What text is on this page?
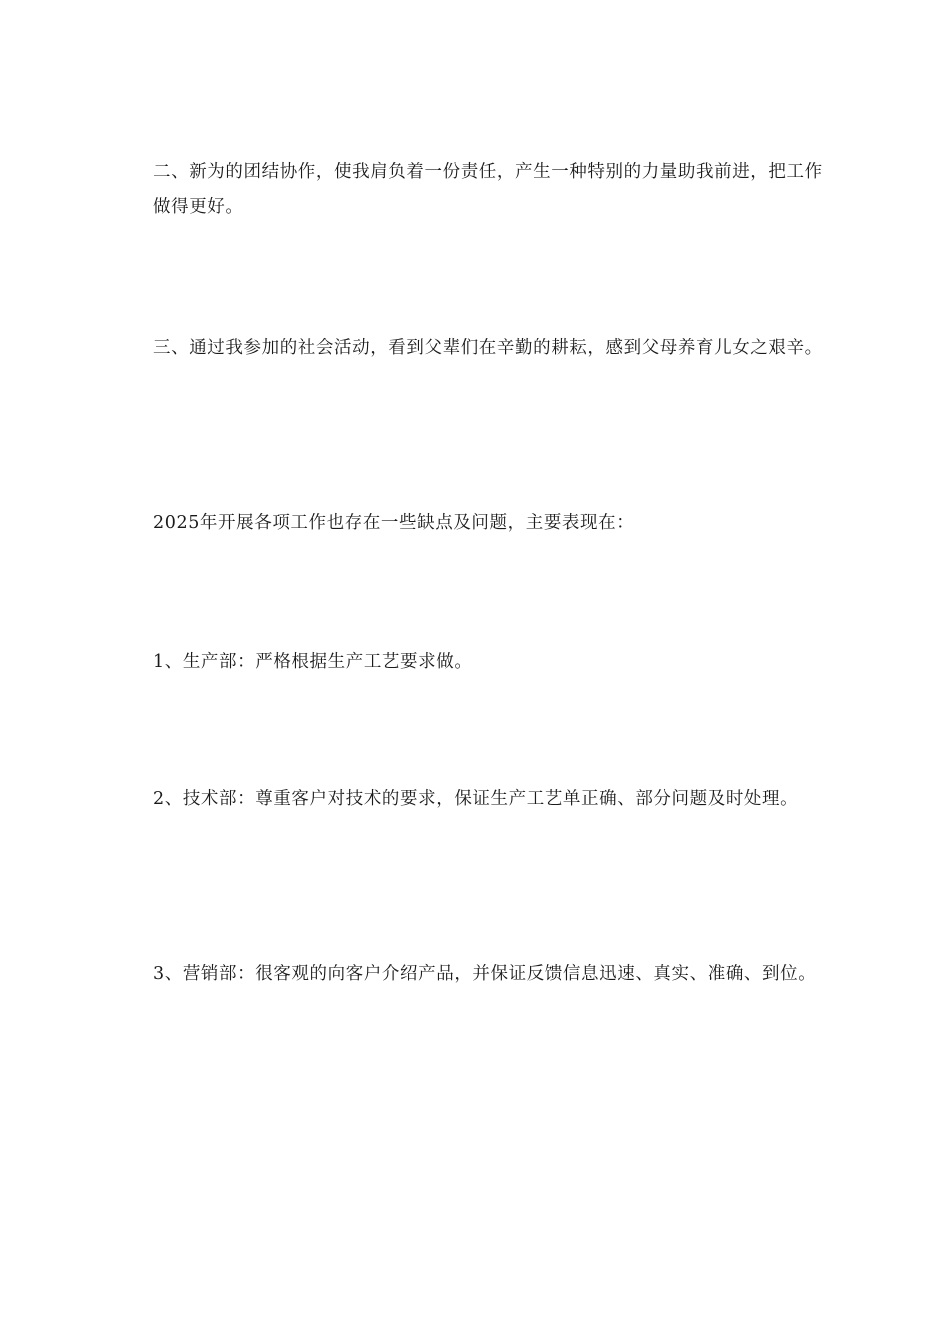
二、新为的团结协作，使我肩负着一份责任，产生一种特别的力量助我前进，把工作做得更好。

三、通过我参加的社会活动，看到父辈们在辛勤的耕耘，感到父母养育儿女之艰辛。

2025年开展各项工作也存在一些缺点及问题，主要表现在：

1、生产部：严格根据生产工艺要求做。

2、技术部：尊重客户对技术的要求，保证生产工艺单正确、部分问题及时处理。

3、营销部：很客观的向客户介绍产品，并保证反馈信息迅速、真实、准确、到位。
